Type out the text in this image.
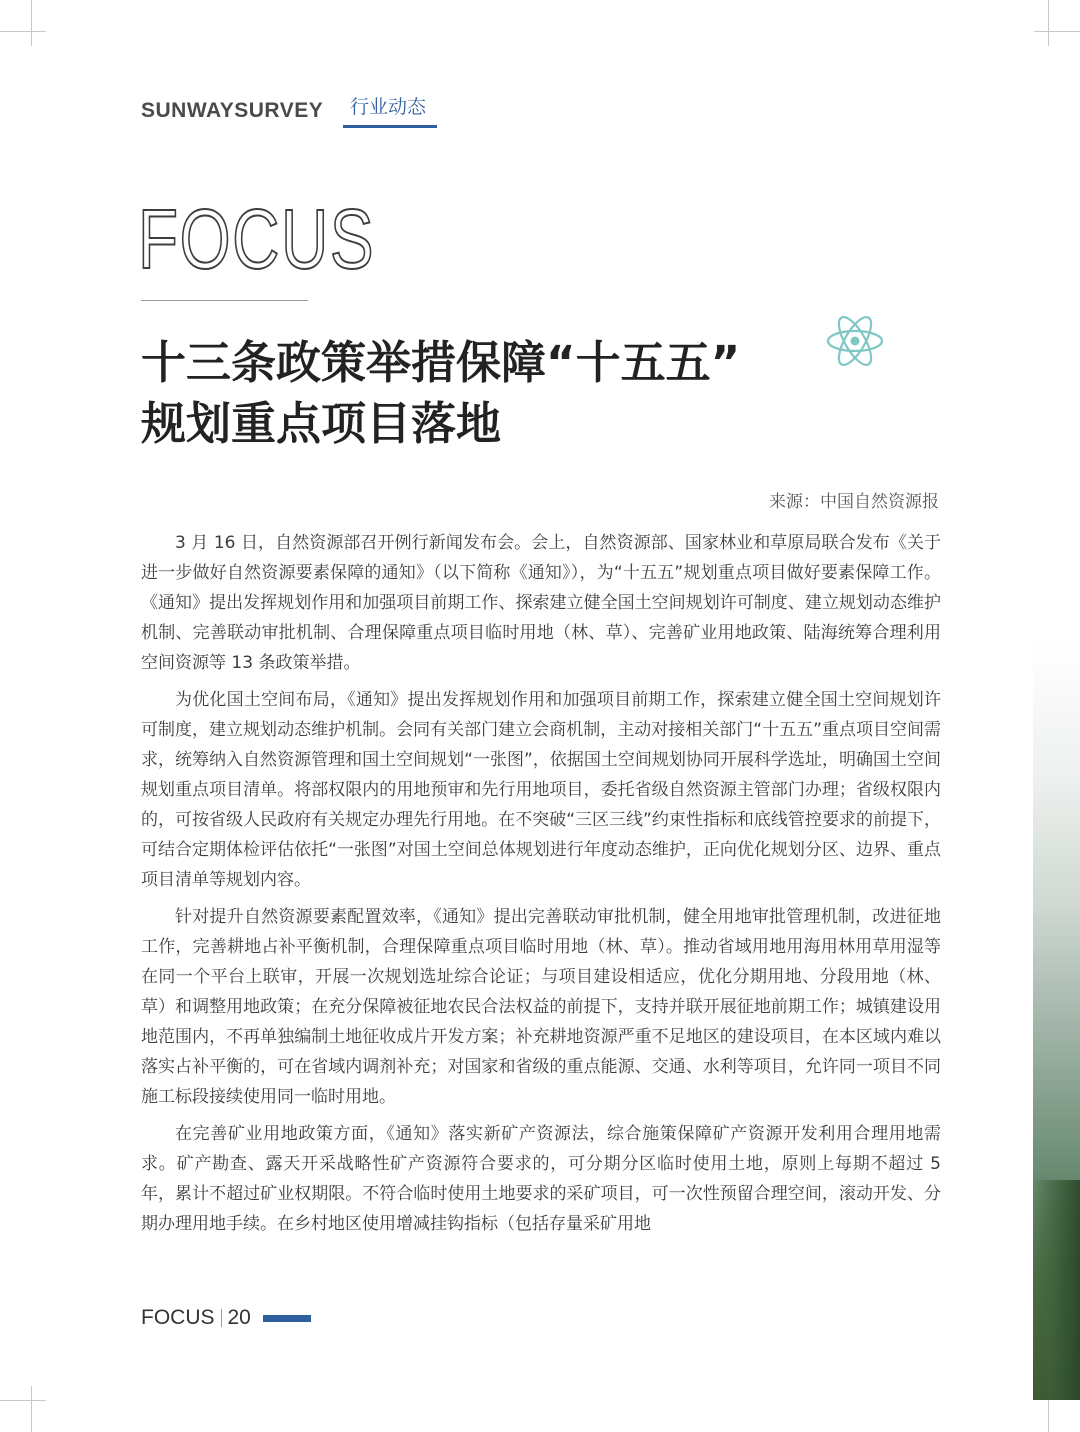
SUNWAYSURVEY 行业动态
FOCUS
十三条政策举措保障“十五五”
规划重点项目落地
来源：中国自然资源报

3 月 16 日，自然资源部召开例行新闻发布会。会上，自然资源部、国家林业和草原局联合发布《关于进一步做好自然资源要素保障的通知》（以下简称《通知》），为“十五五”规划重点项目做好要素保障工作。《通知》提出发挥规划作用和加强项目前期工作、探索建立健全国土空间规划许可制度、建立规划动态维护机制、完善联动审批机制、合理保障重点项目临时用地（林、草）、完善矿业用地政策、陆海统筹合理利用空间资源等 13 条政策举措。

为优化国土空间布局，《通知》提出发挥规划作用和加强项目前期工作，探索建立健全国土空间规划许可制度，建立规划动态维护机制。会同有关部门建立会商机制，主动对接相关部门“十五五”重点项目空间需求，统筹纳入自然资源管理和国土空间规划“一张图”，依据国土空间规划协同开展科学选址，明确国土空间规划重点项目清单。将部权限内的用地预审和先行用地项目，委托省级自然资源主管部门办理；省级权限内的，可按省级人民政府有关规定办理先行用地。在不突破“三区三线”约束性指标和底线管控要求的前提下，可结合定期体检评估依托“一张图”对国土空间总体规划进行年度动态维护，正向优化规划分区、边界、重点项目清单等规划内容。

针对提升自然资源要素配置效率，《通知》提出完善联动审批机制，健全用地审批管理机制，改进征地工作，完善耕地占补平衡机制，合理保障重点项目临时用地（林、草）。推动省域用地用海用林用草用湿等在同一个平台上联审，开展一次规划选址综合论证；与项目建设相适应，优化分期用地、分段用地（林、草）和调整用地政策；在充分保障被征地农民合法权益的前提下，支持并联开展征地前期工作；城镇建设用地范围内，不再单独编制土地征收成片开发方案；补充耕地资源严重不足地区的建设项目，在本区域内难以落实占补平衡的，可在省域内调剂补充；对国家和省级的重点能源、交通、水利等项目，允许同一项目不同施工标段接续使用同一临时用地。

在完善矿业用地政策方面，《通知》落实新矿产资源法，综合施策保障矿产资源开发利用合理用地需求。矿产勘查、露天开采战略性矿产资源符合要求的，可分期分区临时使用土地，原则上每期不超过 5 年，累计不超过矿业权期限。不符合临时使用土地要求的采矿项目，可一次性预留合理空间，滚动开发、分期办理用地手续。在乡村地区使用增减挂钩指标（包括存量采矿用地

FOCUS 20
